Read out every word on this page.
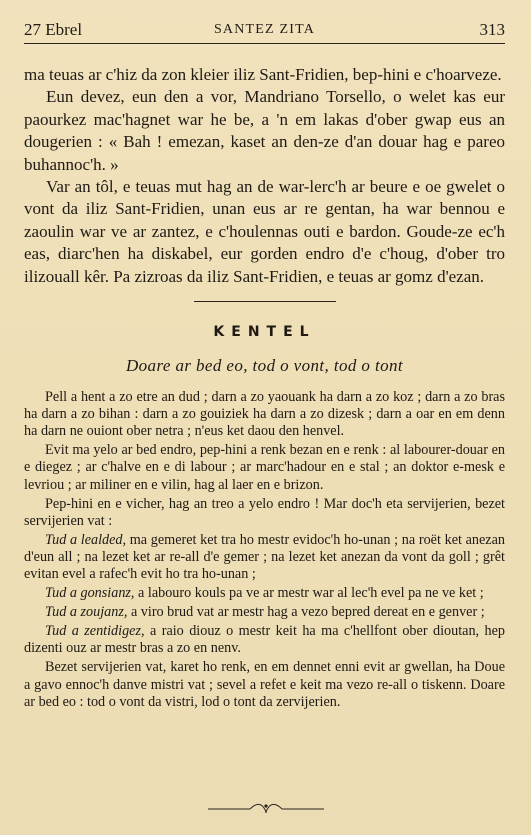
27 Ebrel	SANTEZ ZITA	313

ma teuas ar c'hiz da zon kleier iliz Sant-Fridien, bep-hini e c'hoarveze.

Eun devez, eun den a vor, Mandriano Torsello, o welet kas eur paourkez mac'hagnet war he be, a 'n em lakas d'ober gwap eus an dougerien : « Bah ! emezan, kaset an den-ze d'an douar hag e pareo buhannoc'h. »

Var an tôl, e teuas mut hag an de war-lerc'h ar beure e oe gwelet o vont da iliz Sant-Fridien, unan eus ar re gentan, ha war bennou e zaoulin war ve ar zantez, e c'houlennas outi e bardon. Goude-ze ec'h eas, diarc'hen ha diskabel, eur gorden endro d'e c'houg, d'ober tro ilizouall kêr. Pa zizroas da iliz Sant-Fridien, e teuas ar gomz d'ezan.

KENTEL
Doare ar bed eo, tod o vont, tod o tont

Pell a hent a zo etre an dud ; darn a zo yaouank ha darn a zo koz ; darn a zo bras ha darn a zo bihan : darn a zo gouiziek ha darn a zo dizesk ; darn a oar en em denn ha darn ne ouiont ober netra ; n'eus ket daou den henvel.

Evit ma yelo ar bed endro, pep-hini a renk bezan en e renk : al labourer-douar en e diegez ; ar c'halve en e di labour ; ar marc'hadour en e stal ; an doktor e-mesk e levriou ; ar miliner en e vilin, hag al laer en e brizon.

Pep-hini en e vicher, hag an treo a yelo endro ! Mar doc'h eta servijerien, bezet servijerien vat :

Tud a lealded, ma gemeret ket tra ho mestr evidoc'h ho-unan ; na roët ket anezan d'eun all ; na lezet ket ar re-all d'e gemer ; na lezet ket anezan da vont da goll ; grêt evitan evel a rafec'h evit ho tra ho-unan ;

Tud a gonsianz, a labouro kouls pa ve ar mestr war al lec'h evel pa ne ve ket ;

Tud a zoujanz, a viro brud vat ar mestr hag a vezo bepred dereat en e genver ;

Tud a zentidigez, a raio diouz o mestr keit ha ma c'hellfont ober dioutan, hep dizenti ouz ar mestr bras a zo en nenv.

Bezet servijerien vat, karet ho renk, en em dennet enni evit ar gwellan, ha Doue a gavo ennoc'h danve mistri vat ; sevel a refet e keit ma vezo re-all o tiskenn. Doare ar bed eo : tod o vont da vistri, lod o tont da zervijerien.
